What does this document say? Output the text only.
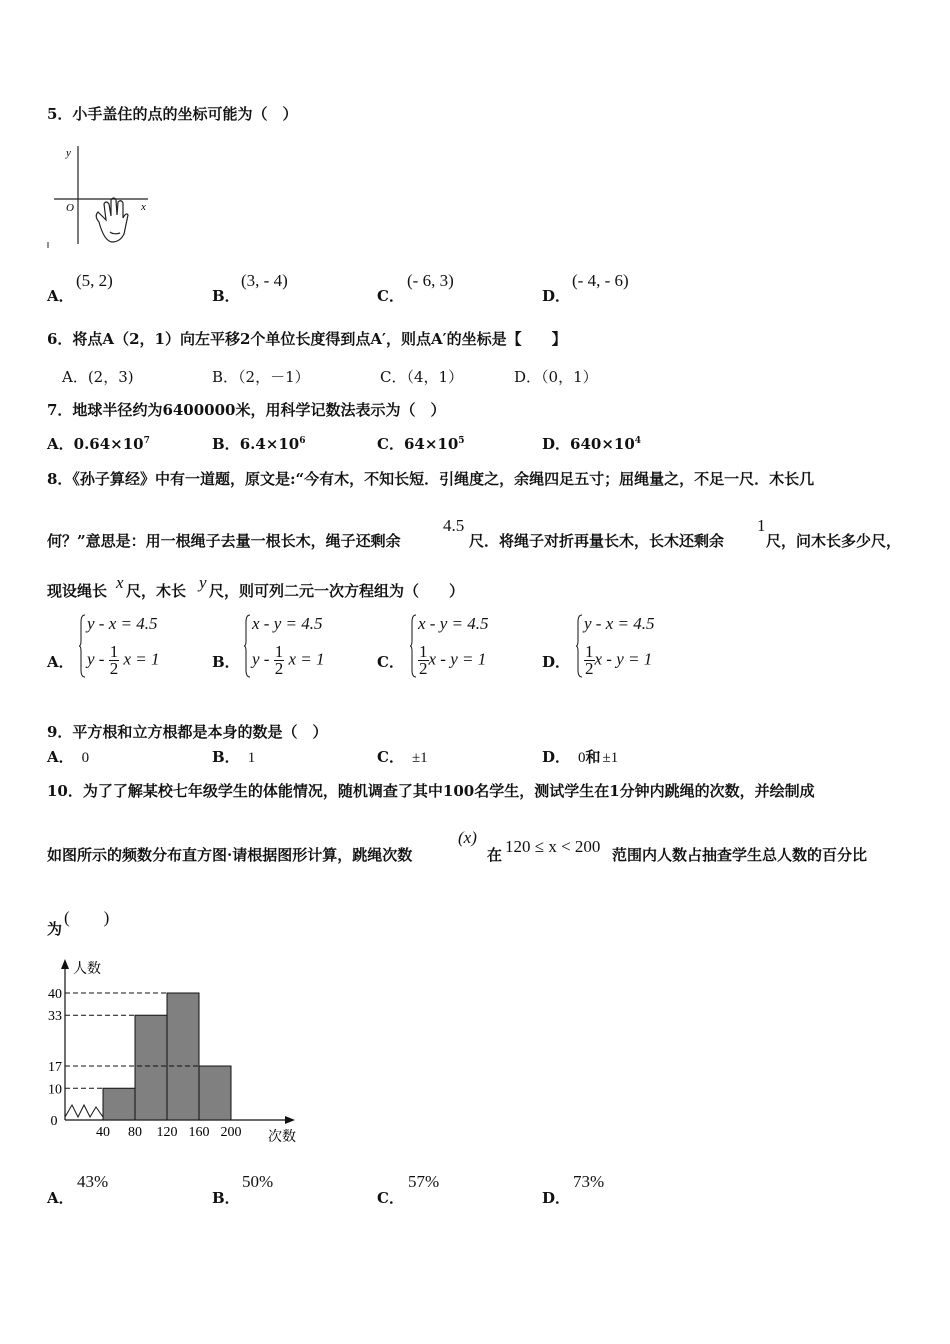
5．小手盖住的点的坐标可能为（　）
y
x
O
A．
(5, 2)
B．
(3, - 4)
C．
(- 6, 3)
D．
(- 4, - 6)
6．将点A（2，1）向左平移2个单位长度得到点A′，则点A′的坐标是【　　】
A．(2，3)	B．（2，－1）	C．（4，1）	D．（0，1）
7．地球半径约为6400000米，用科学记数法表示为（　）
A．$0.64\times 10^7$	B．$6.4\times 10^6$	C．$64\times 10^5$	D．$640\times 10^4$
8．《孙子算经》中有一道题，原文是:“今有木，不知长短．引绳度之，余绳四足五寸；屈绳量之，不足一尺．木长几
何？”意思是：用一根绳子去量一根长木，绳子还剩余
4.5
尺．将绳子对折再量长木，长木还剩余
1
尺，问木长多少尺，
现设绳长 x 尺，木长 y 尺，则可列二元一次方程组为（　　）
A．
y - x = 4.5
y - $\frac{1}{2}$ x = 1	B．
x - y = 4.5
y - $\frac{1}{2}$ x = 1	C．
x - y = 4.5
$\frac{1}{2}$ x - y = 1	D．
y - x = 4.5
$\frac{1}{2}$ x - y = 1
9．平方根和立方根都是本身的数是（　）
A． 0	B． 1	C． ±1	D． 0和 ±1
10．为了了解某校七年级学生的体能情况，随机调查了其中100名学生，测试学生在1分钟内跳绳的次数，并绘制成
如图所示的频数分布直方图·请根据图形计算，跳绳次数
(x)
在 120 ≤ x < 200 范围内人数占抽查学生总人数的百分比
为
(　　)
40
33
17
10
40 80 120 160 200
0
人数
次数
A．
43%
B．
50%
C．
57%
D．
73%
